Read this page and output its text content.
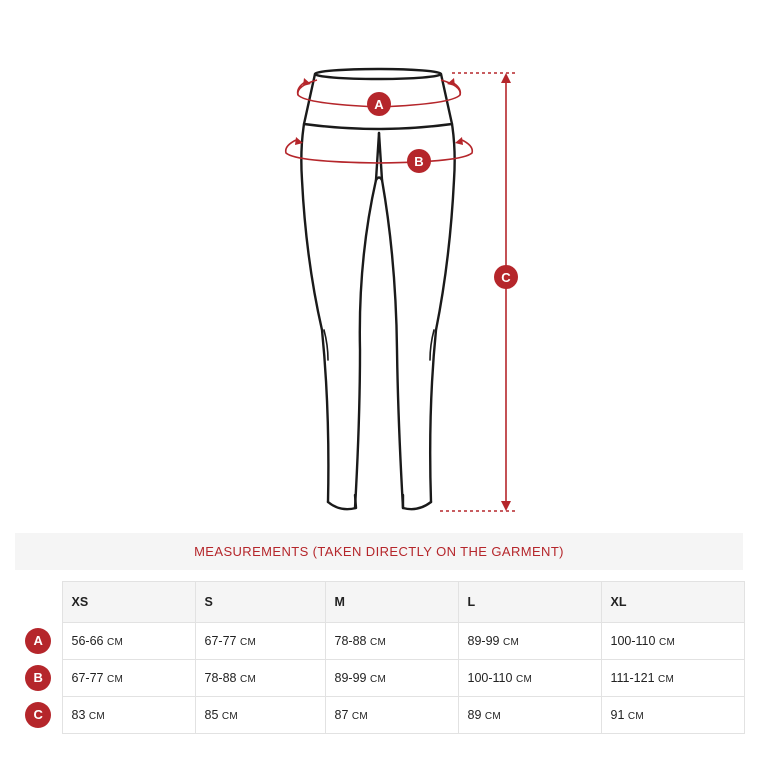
A
B
C
MEASUREMENTS (TAKEN DIRECTLY ON THE GARMENT)
	XS	S	M	L	XL
A	56-66 CM	67-77 CM	78-88 CM	89-99 CM	100-110 CM
B	67-77 CM	78-88 CM	89-99 CM	100-110 CM	111-121 CM
C	83 CM	85 CM	87 CM	89 CM	91 CM
